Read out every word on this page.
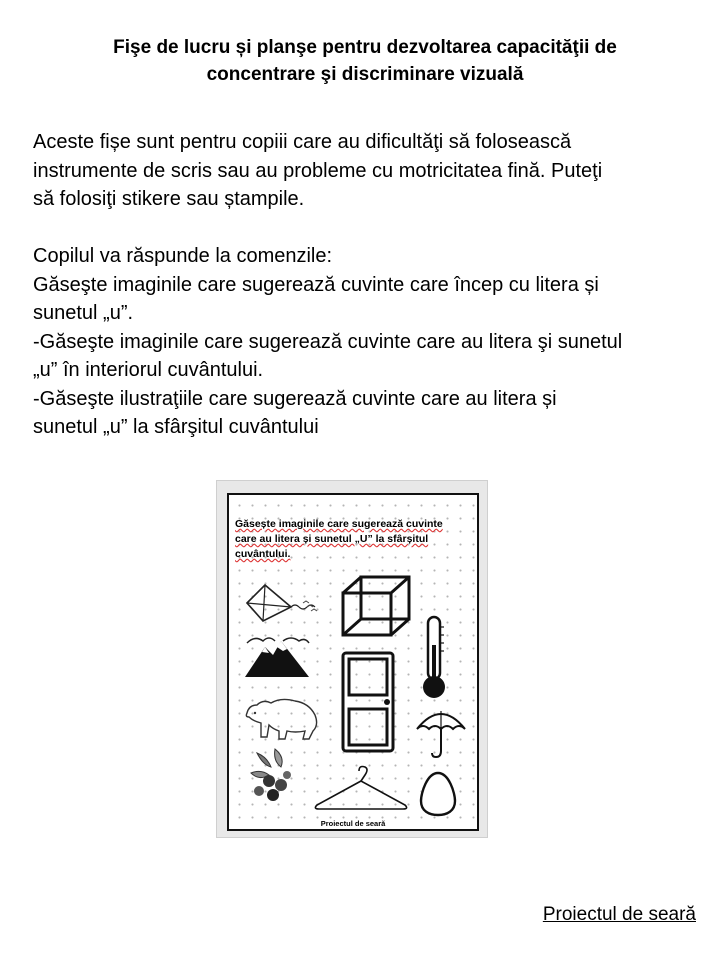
Fişe de lucru și planşe pentru dezvoltarea capacităţii de
concentrare şi discriminare vizuală
Aceste fișe sunt pentru copiii care au dificultăţi să folosească
instrumente de scris sau au probleme cu motricitatea fină. Puteţi
să folosiţi stikere sau ștampile.
Copilul va răspunde la comenzile:
Găseşte imaginile care sugerează cuvinte care încep cu litera și
sunetul „u”.
-Găseşte imaginile care sugerează cuvinte care au litera şi sunetul
„u” în interiorul cuvântului.
-Găseşte ilustraţiile care sugerează cuvinte care au litera și
sunetul „u” la sfârşitul cuvântului
Găsește imaginile care sugerează cuvinte
care au litera și sunetul „U” la sfârșitul
cuvântului.
Proiectul de seară
Proiectul de seară
